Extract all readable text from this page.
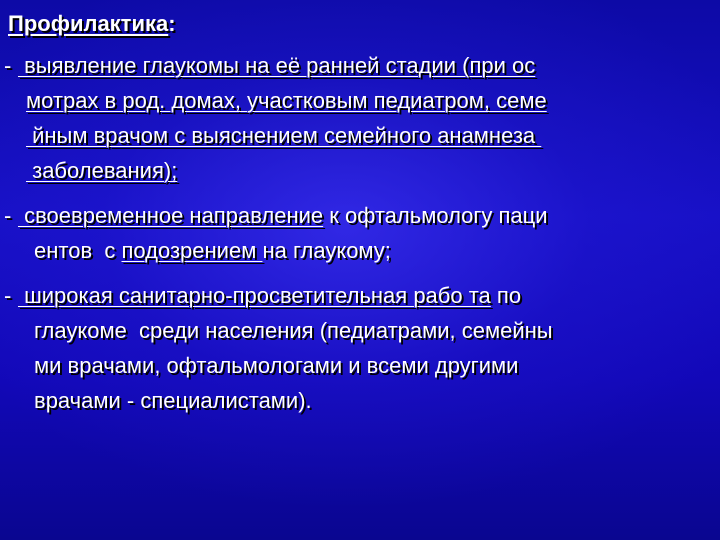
Профилактика:
- выявление глаукомы на её ранней стадии (при ос
мотрах в род. домах, участковым педиатром, семе
йным врачом с выяснением семейного анамнеза
заболевания);
- своевременное направление к офтальмологу паци
ентов  с подозрением на глаукому;
- широкая санитарно-просветительная рабо та по
глаукоме  среди населения (педиатрами, семейны
ми врачами, офтальмологами и всеми другими
врачами - специалистами).
